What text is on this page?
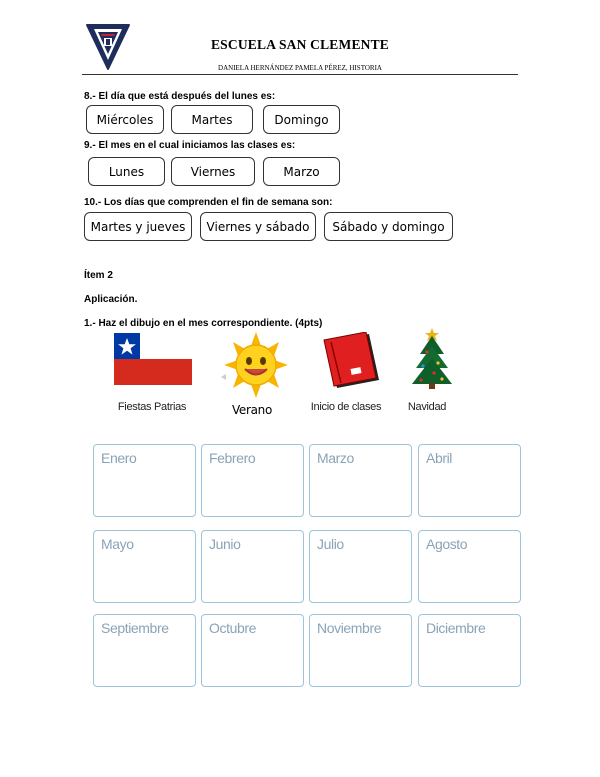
ESCUELA SAN CLEMENTE
DANIELA HERNÁNDEZ PAMELA PÉREZ, HISTORIA
8.- El día que está después del lunes es:
Miércoles	Martes	Domingo
9.- El mes en el cual iniciamos las clases es:
Lunes	Viernes	Marzo
10.- Los días que comprenden el fin de semana son:
Martes y jueves	Viernes y sábado	Sábado y domingo
Ítem 2
Aplicación.
1.- Haz el dibujo en el mes correspondiente. (4pts)
Fiestas Patrias	Verano	Inicio de clases	Navidad
Enero	Febrero	Marzo	Abril
Mayo	Junio	Julio	Agosto
Septiembre	Octubre	Noviembre	Diciembre
